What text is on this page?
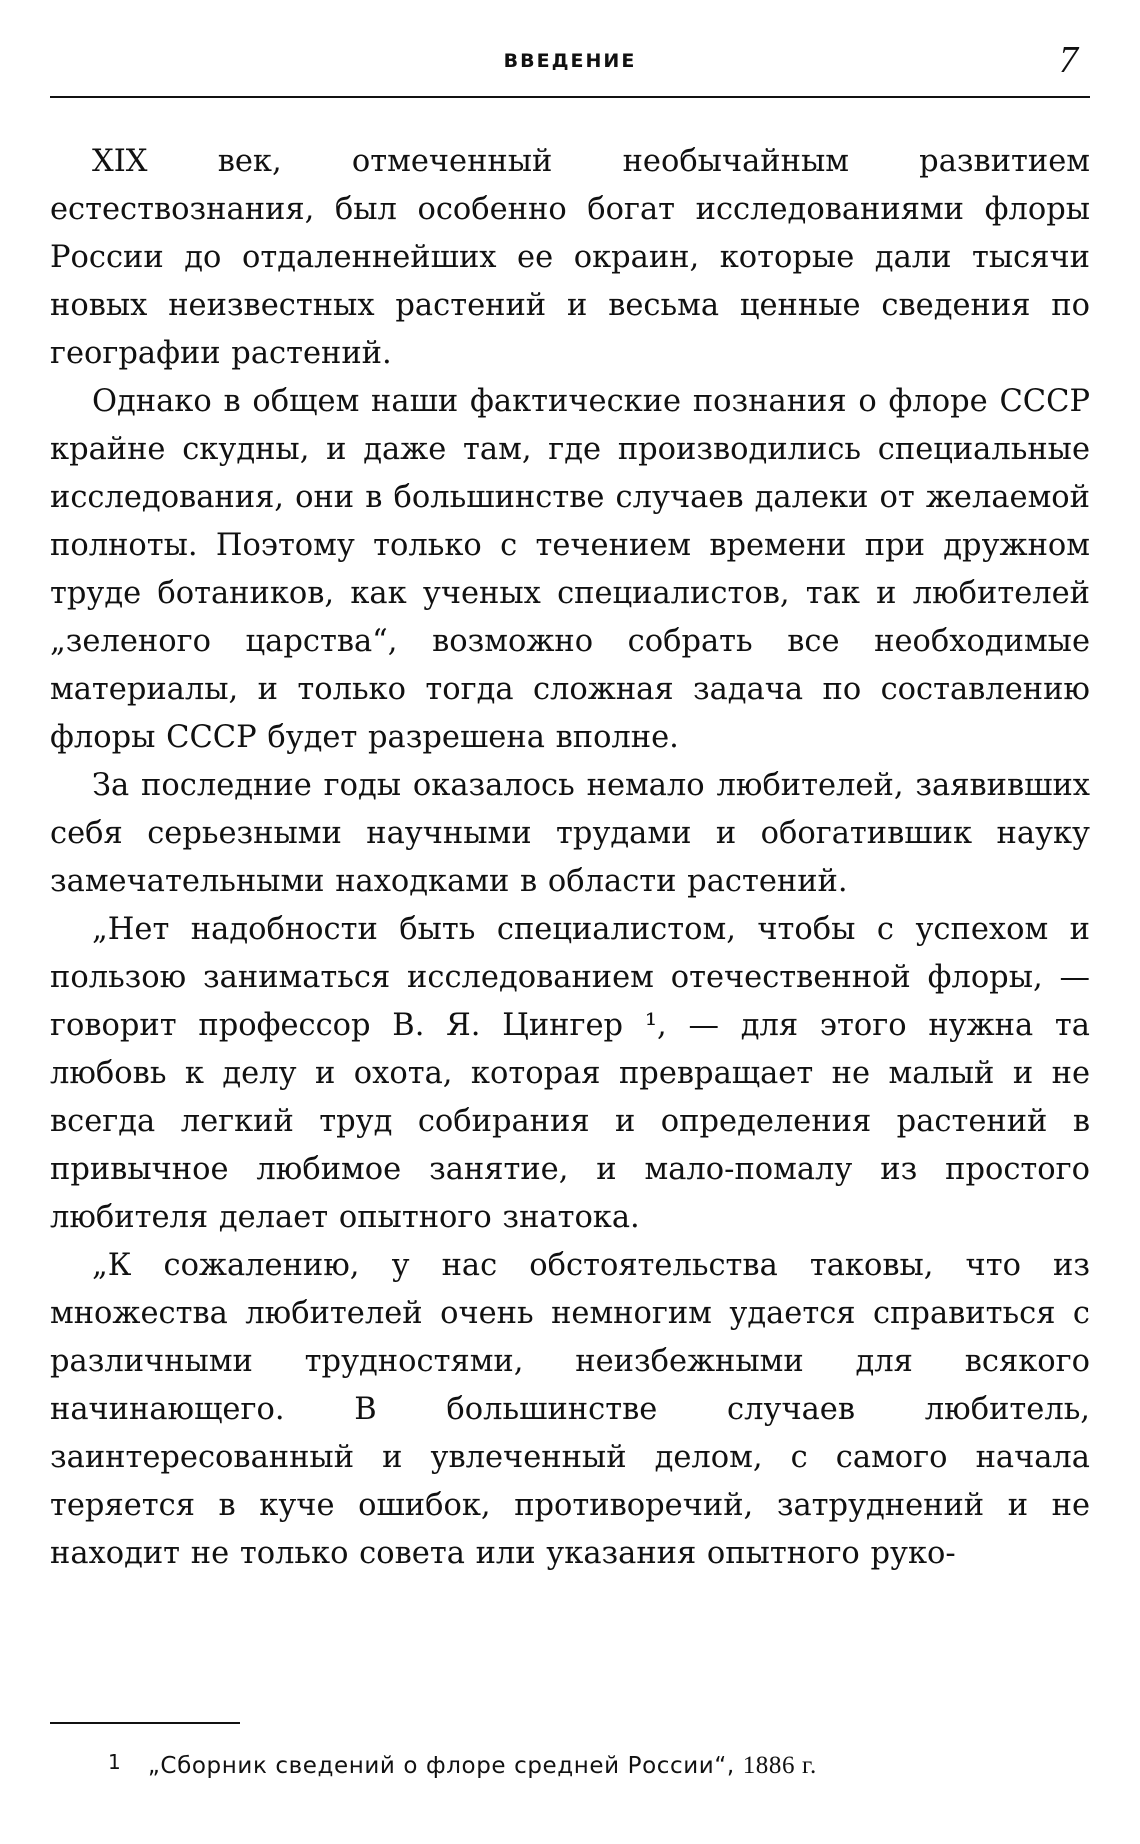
ВВЕДЕНИЕ	7

XIX век, отмеченный необычайным развитием естествознания, был особенно богат исследованиями флоры России до отдаленнейших ее окраин, которые дали тысячи новых неизвестных растений и весьма ценные сведения по географии растений.

Однако в общем наши фактические познания о флоре СССР крайне скудны, и даже там, где производились специальные исследования, они в большинстве случаев далеки от желаемой полноты. Поэтому только с течением времени при дружном труде ботаников, как ученых специалистов, так и любителей „зеленого царства“, возможно собрать все необходимые материалы, и только тогда сложная задача по составлению флоры СССР будет разрешена вполне.

За последние годы оказалось немало любителей, заявивших себя серьезными научными трудами и обогатившик науку замечательными находками в области растений.

„Нет надобности быть специалистом, чтобы с успехом и пользою заниматься исследованием отечественной флоры, — говорит профессор В. Я. Цингер ¹, — для этого нужна та любовь к делу и охота, которая превращает не малый и не всегда легкий труд собирания и определения растений в привычное любимое занятие, и мало-помалу из простого любителя делает опытного знатока.

„К сожалению, у нас обстоятельства таковы, что из множества любителей очень немногим удается справиться с различными трудностями, неизбежными для всякого начинающего. В большинстве случаев любитель, заинтересованный и увлеченный делом, с самого начала теряется в куче ошибок, противоречий, затруднений и не находит не только совета или указания опытного руко-

1 „Сборник сведений о флоре средней России“, 1886 г.
